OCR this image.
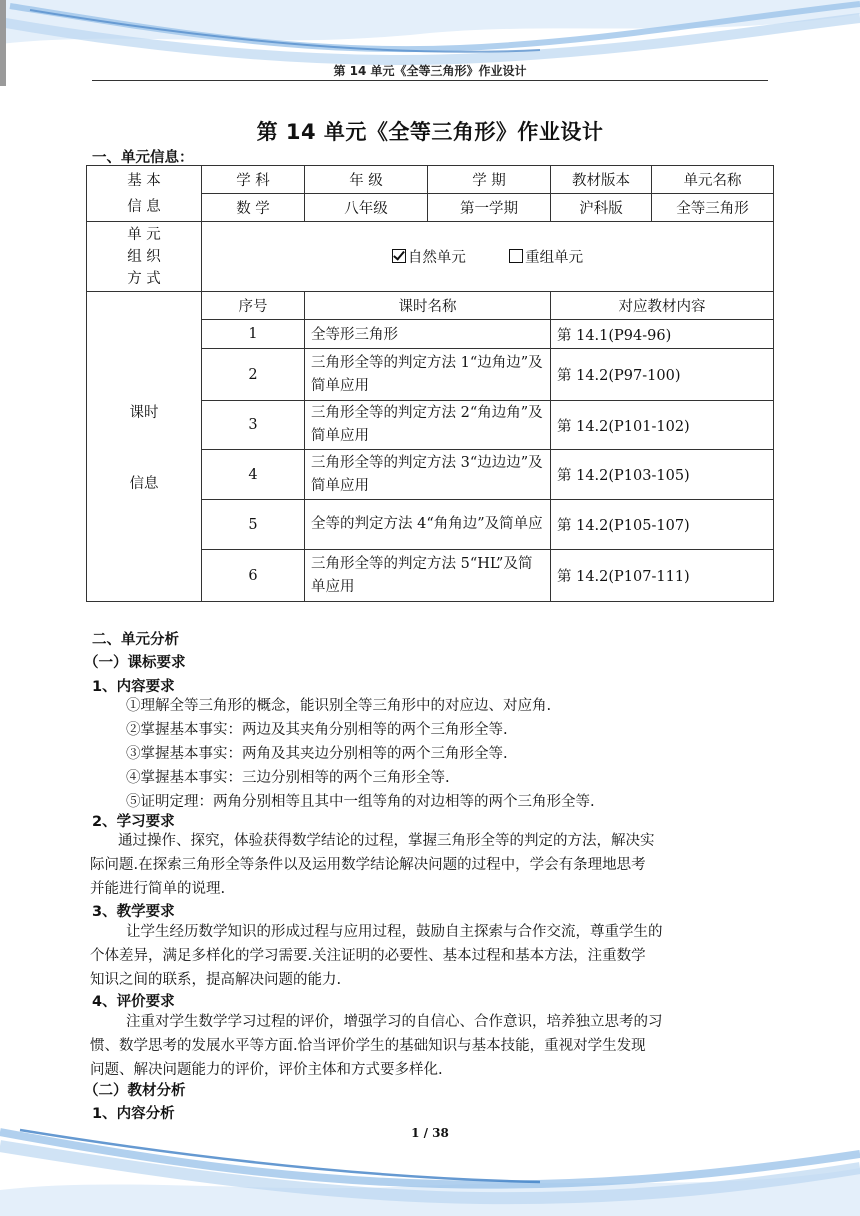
第 14 单元《全等三角形》作业设计
第 14 单元《全等三角形》作业设计
一、单元信息：
基 本
信 息	学 科	年 级	学 期	教材版本	单元名称
	数 学	八年级	第一学期	沪科版	全等三角形

单 元
组 织
方 式	自然单元 重组单元				

课时
信息	序号	课时名称		对应教材内容	
	1	全等形三角形		第 14.1(P94-96)	
	2	三角形全等的判定方法 1“边角边”及简单应用		第 14.2(P97-100)	
	3	三角形全等的判定方法 2“角边角”及简单应用		第 14.2(P101-102)	
	4	三角形全等的判定方法 3“边边边”及简单应用		第 14.2(P103-105)	
	5	全等的判定方法 4“角角边”及简单应		第 14.2(P105-107)	
	6	三角形全等的判定方法 5“HL”及简单应用		第 14.2(P107-111)	
二、单元分析
（一）课标要求
1、内容要求
①理解全等三角形的概念，能识别全等三角形中的对应边、对应角.
②掌握基本事实：两边及其夹角分别相等的两个三角形全等.
③掌握基本事实：两角及其夹边分别相等的两个三角形全等.
④掌握基本事实：三边分别相等的两个三角形全等.
⑤证明定理：两角分别相等且其中一组等角的对边相等的两个三角形全等.
2、学习要求
通过操作、探究，体验获得数学结论的过程，掌握三角形全等的判定的方法，解决实
际问题.在探索三角形全等条件以及运用数学结论解决问题的过程中，学会有条理地思考
并能进行简单的说理.
3、教学要求
让学生经历数学知识的形成过程与应用过程，鼓励自主探索与合作交流，尊重学生的
个体差异，满足多样化的学习需要.关注证明的必要性、基本过程和基本方法，注重数学
知识之间的联系，提高解决问题的能力.
4、评价要求
注重对学生数学学习过程的评价，增强学习的自信心、合作意识，培养独立思考的习
惯、数学思考的发展水平等方面.恰当评价学生的基础知识与基本技能，重视对学生发现
问题、解决问题能力的评价，评价主体和方式要多样化.
（二）教材分析
1、内容分析
1 / 38
